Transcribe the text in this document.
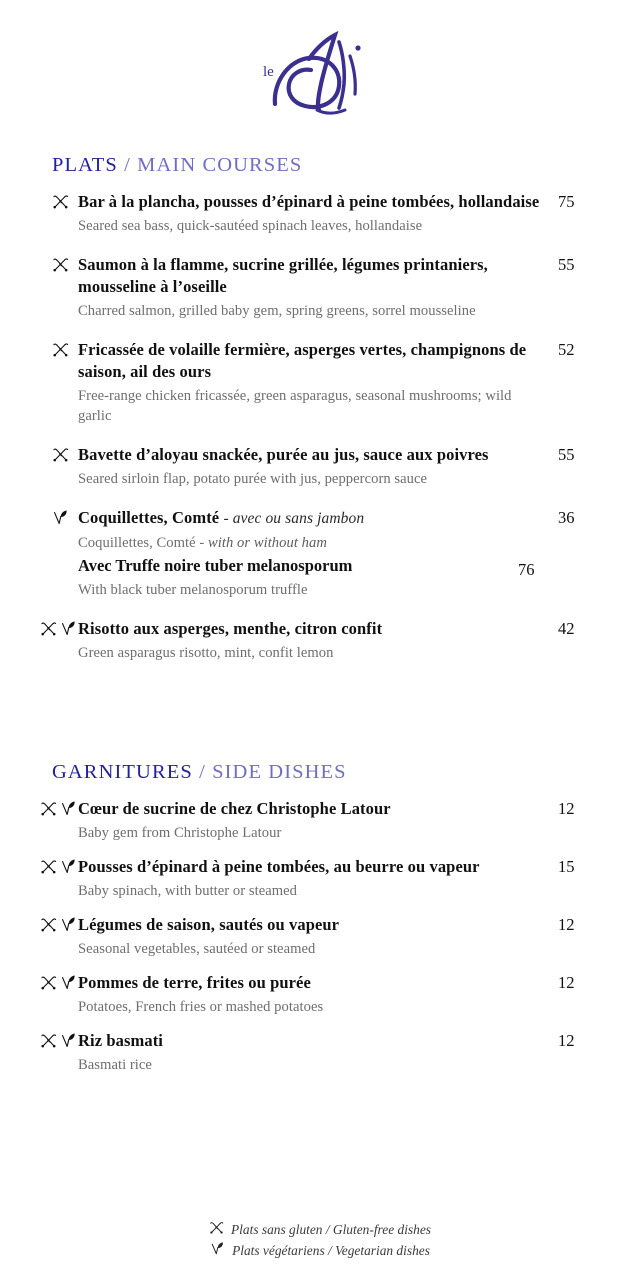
le
PLATS / MAIN COURSES
Bar à la plancha, pousses d’épinard à peine tombées, hollandaise
Seared sea bass, quick-sautéed spinach leaves, hollandaise
75
Saumon à la flamme, sucrine grillée, légumes printaniers, mousseline à l’oseille
Charred salmon, grilled baby gem, spring greens, sorrel mousseline
55
Fricassée de volaille fermière, asperges vertes, champignons de saison, ail des ours
Free-range chicken fricassée, green asparagus, seasonal mushrooms; wild garlic
52
Bavette d’aloyau snackée, purée au jus, sauce aux poivres
Seared sirloin flap, potato purée with jus, peppercorn sauce
55
Coquillettes, Comté - avec ou sans jambon
Coquillettes, Comté - with or without ham
Avec Truffe noire tuber melanosporum
With black tuber melanosporum truffle
36
76
Risotto aux asperges, menthe, citron confit
Green asparagus risotto, mint, confit lemon
42
GARNITURES / SIDE DISHES
Cœur de sucrine de chez Christophe Latour
Baby gem from Christophe Latour
12
Pousses d’épinard à peine tombées, au beurre ou vapeur
Baby spinach, with butter or steamed
15
Légumes de saison, sautés ou vapeur
Seasonal vegetables, sautéed or steamed
12
Pommes de terre, frites ou purée
Potatoes, French fries or mashed potatoes
12
Riz basmati
Basmati rice
12
Plats sans gluten / Gluten-free dishes
Plats végétariens / Vegetarian dishes
